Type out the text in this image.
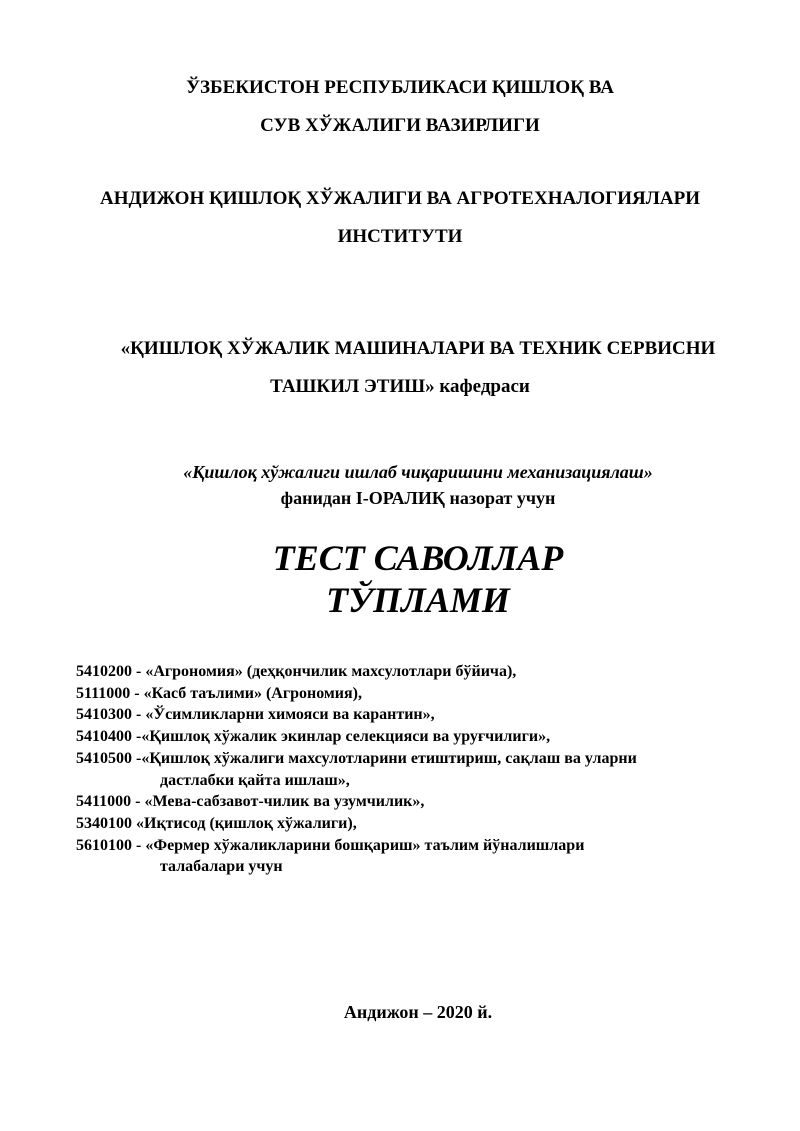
ЎЗБЕКИСТОН РЕСПУБЛИКАСИ ҚИШЛОҚ ВА
СУВ ХЎЖАЛИГИ ВАЗИРЛИГИ
АНДИЖОН ҚИШЛОҚ ХЎЖАЛИГИ ВА АГРОТЕХНАЛОГИЯЛАРИ
ИНСТИТУТИ
«ҚИШЛОҚ ХЎЖАЛИК МАШИНАЛАРИ ВА ТЕХНИК СЕРВИСНИ
ТАШКИЛ ЭТИШ» кафедраси
«Қишлоқ хўжалиги ишлаб чиқаришини механизациялаш»
фанидан I-ОРАЛИҚ назорат учун
ТЕСТ САВОЛЛАР
ТЎПЛАМИ
5410200 - «Агрономия» (деҳқончилик махсулотлари бўйича),
5111000 - «Касб таълими» (Агрономия),
5410300 - «Ўсимликларни химояси ва карантин»,
5410400 -«Қишлоқ хўжалик экинлар селекцияси ва уруғчилиги»,
5410500 -«Қишлоқ хўжалиги махсулотларини етиштириш, сақлаш ва уларни
дастлабки қайта ишлаш»,
5411000 - «Мева-сабзавот-чилик ва узумчилик»,
5340100 «Иқтисод (қишлоқ хўжалиги),
5610100 - «Фермер хўжаликларини бошқариш» таълим йўналишлари
талабалари учун
Андижон – 2020 й.
